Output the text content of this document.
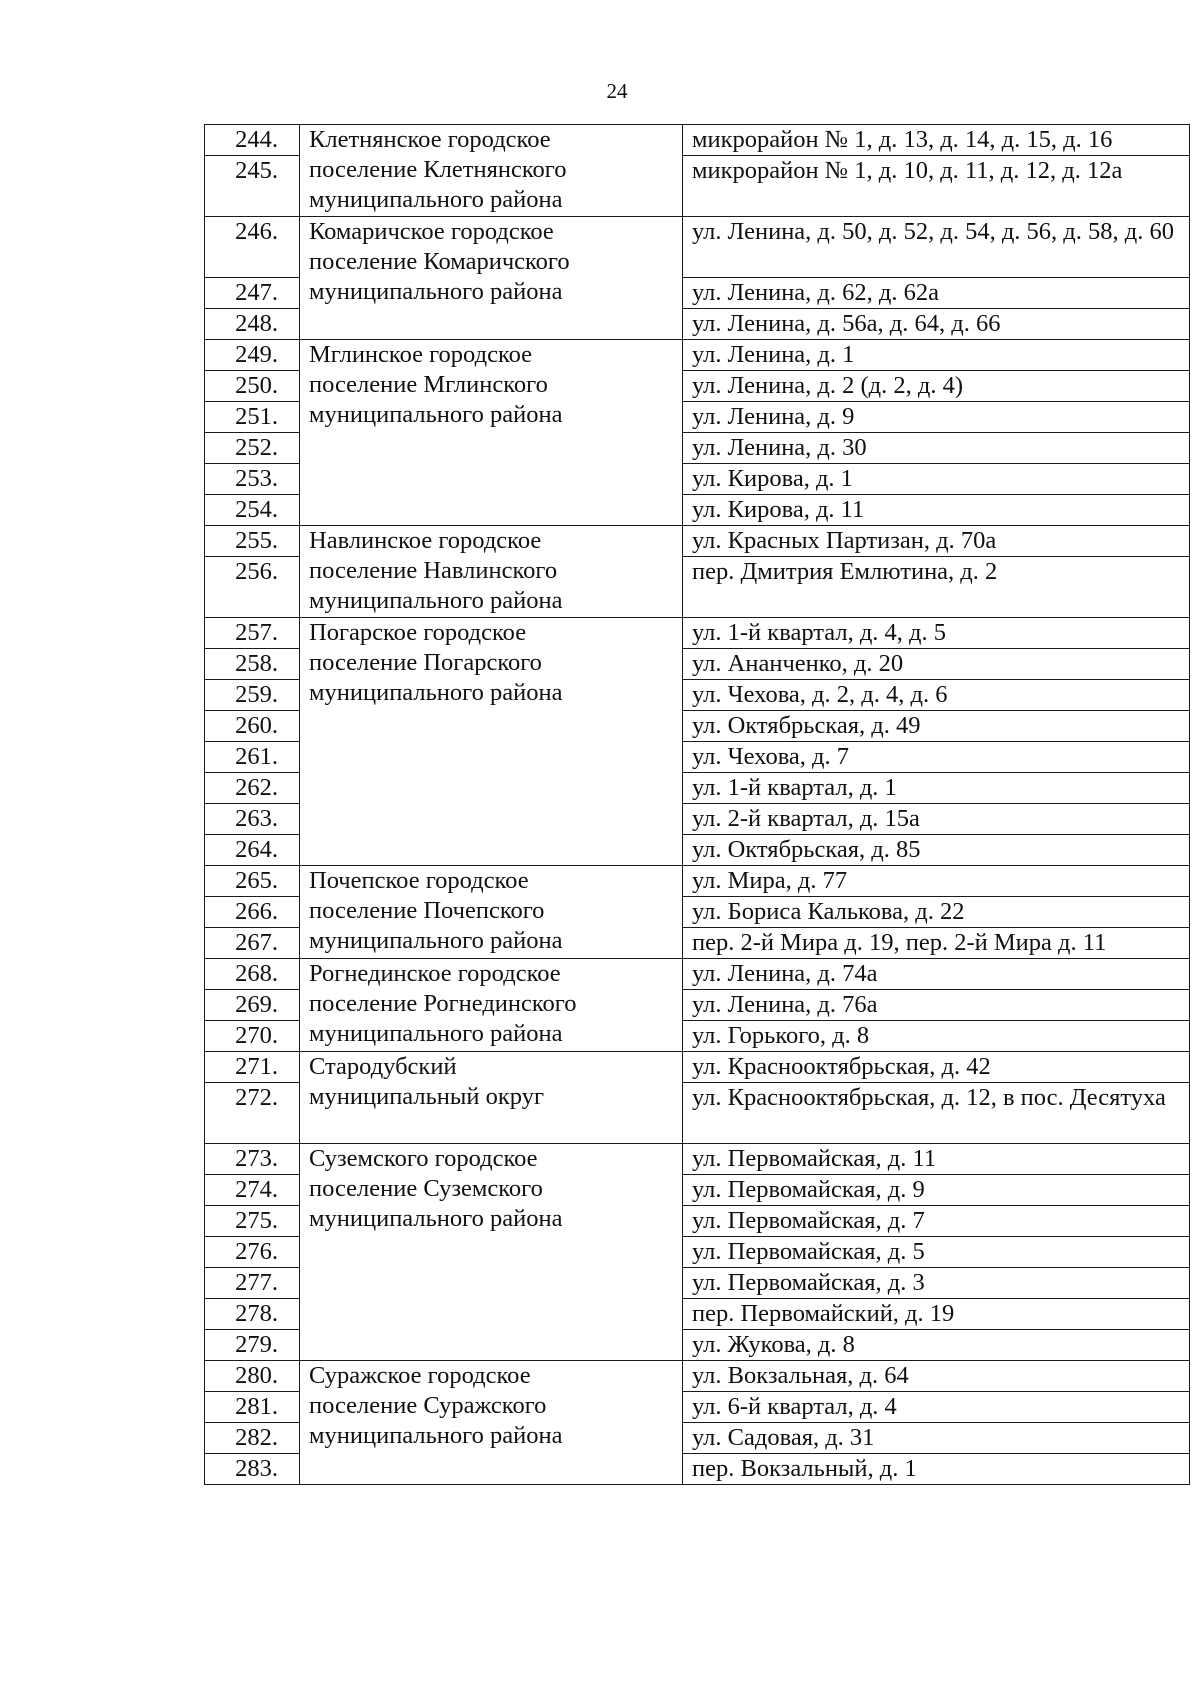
24
244.	Клетнянское городское
поселение Клетнянского
муниципального района	микрорайон № 1, д. 13, д. 14, д. 15, д. 16
245.		микрорайон № 1, д. 10, д. 11, д. 12, д. 12а
246.	Комаричское городское
поселение Комаричского
муниципального района	ул. Ленина, д. 50, д. 52, д. 54, д. 56, д. 58, д. 60
247.		ул. Ленина, д. 62, д. 62а
248.		ул. Ленина, д. 56а, д. 64, д. 66
249.	Мглинское городское
поселение Мглинского
муниципального района	ул. Ленина, д. 1
250.		ул. Ленина, д. 2 (д. 2, д. 4)
251.		ул. Ленина, д. 9
252.		ул. Ленина, д. 30
253.		ул. Кирова, д. 1
254.		ул. Кирова, д. 11
255.	Навлинское городское
поселение Навлинского
муниципального района	ул. Красных Партизан, д. 70а
256.		пер. Дмитрия Емлютина, д. 2
257.	Погарское городское
поселение Погарского
муниципального района	ул. 1-й квартал, д. 4, д. 5
258.		ул. Ананченко, д. 20
259.		ул. Чехова, д. 2, д. 4, д. 6
260.		ул. Октябрьская, д. 49
261.		ул. Чехова, д. 7
262.		ул. 1-й квартал, д. 1
263.		ул. 2-й квартал, д. 15а
264.		ул. Октябрьская, д. 85
265.	Почепское городское
поселение Почепского
муниципального района	ул. Мира, д. 77
266.		ул. Бориса Калькова, д. 22
267.		пер. 2-й Мира д. 19, пер. 2-й Мира д. 11
268.	Рогнединское городское
поселение Рогнединского
муниципального района	ул. Ленина, д. 74а
269.		ул. Ленина, д. 76а
270.		ул. Горького, д. 8
271.	Стародубский
муниципальный округ	ул. Краснооктябрьская, д. 42
272.		ул. Краснооктябрьская, д. 12, в пос. Десятуха
273.	Суземского городское
поселение Суземского
муниципального района	ул. Первомайская, д. 11
274.		ул. Первомайская, д. 9
275.		ул. Первомайская, д. 7
276.		ул. Первомайская, д. 5
277.		ул. Первомайская, д. 3
278.		пер. Первомайский, д. 19
279.		ул. Жукова, д. 8
280.	Суражское городское
поселение Суражского
муниципального района	ул. Вокзальная, д. 64
281.		ул. 6-й квартал, д. 4
282.		ул. Садовая, д. 31
283.		пер. Вокзальный, д. 1
